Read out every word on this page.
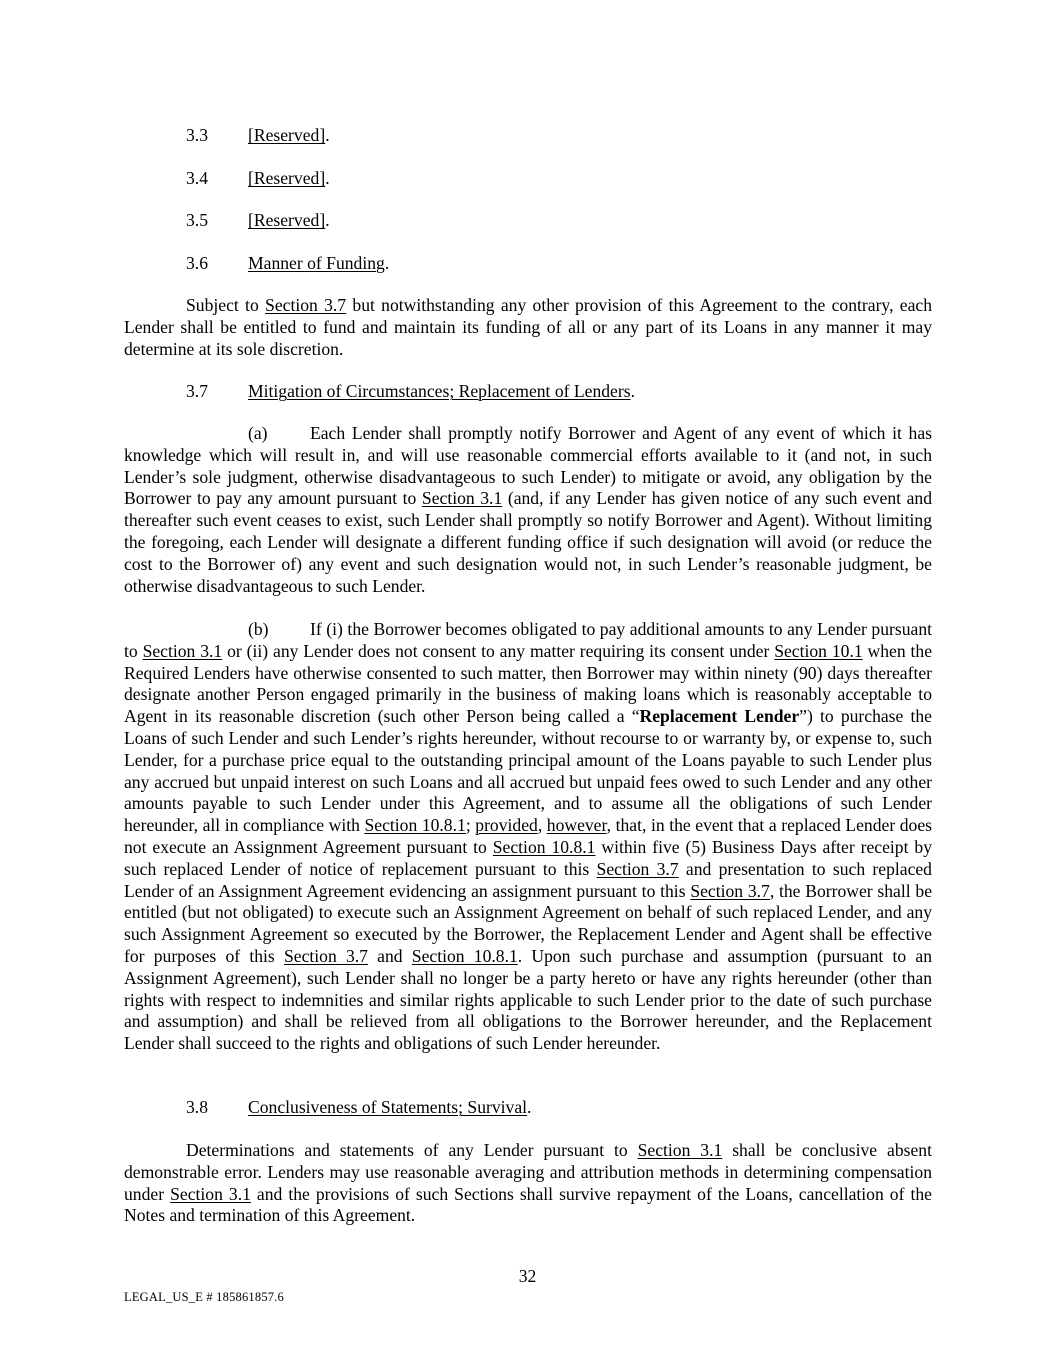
3.3 [Reserved].
3.4 [Reserved].
3.5 [Reserved].
3.6 Manner of Funding.

Subject to Section 3.7 but notwithstanding any other provision of this Agreement to the contrary, each Lender shall be entitled to fund and maintain its funding of all or any part of its Loans in any manner it may determine at its sole discretion.

3.7 Mitigation of Circumstances; Replacement of Lenders.

(a) Each Lender shall promptly notify Borrower and Agent of any event of which it has knowledge which will result in, and will use reasonable commercial efforts available to it (and not, in such Lender’s sole judgment, otherwise disadvantageous to such Lender) to mitigate or avoid, any obligation by the Borrower to pay any amount pursuant to Section 3.1 (and, if any Lender has given notice of any such event and thereafter such event ceases to exist, such Lender shall promptly so notify Borrower and Agent). Without limiting the foregoing, each Lender will designate a different funding office if such designation will avoid (or reduce the cost to the Borrower of) any event and such designation would not, in such Lender’s reasonable judgment, be otherwise disadvantageous to such Lender.

(b) If (i) the Borrower becomes obligated to pay additional amounts to any Lender pursuant to Section 3.1 or (ii) any Lender does not consent to any matter requiring its consent under Section 10.1 when the Required Lenders have otherwise consented to such matter, then Borrower may within ninety (90) days thereafter designate another Person engaged primarily in the business of making loans which is reasonably acceptable to Agent in its reasonable discretion (such other Person being called a “Replacement Lender”) to purchase the Loans of such Lender and such Lender’s rights hereunder, without recourse to or warranty by, or expense to, such Lender, for a purchase price equal to the outstanding principal amount of the Loans payable to such Lender plus any accrued but unpaid interest on such Loans and all accrued but unpaid fees owed to such Lender and any other amounts payable to such Lender under this Agreement, and to assume all the obligations of such Lender hereunder, all in compliance with Section 10.8.1; provided, however, that, in the event that a replaced Lender does not execute an Assignment Agreement pursuant to Section 10.8.1 within five (5) Business Days after receipt by such replaced Lender of notice of replacement pursuant to this Section 3.7 and presentation to such replaced Lender of an Assignment Agreement evidencing an assignment pursuant to this Section 3.7, the Borrower shall be entitled (but not obligated) to execute such an Assignment Agreement on behalf of such replaced Lender, and any such Assignment Agreement so executed by the Borrower, the Replacement Lender and Agent shall be effective for purposes of this Section 3.7 and Section 10.8.1. Upon such purchase and assumption (pursuant to an Assignment Agreement), such Lender shall no longer be a party hereto or have any rights hereunder (other than rights with respect to indemnities and similar rights applicable to such Lender prior to the date of such purchase and assumption) and shall be relieved from all obligations to the Borrower hereunder, and the Replacement Lender shall succeed to the rights and obligations of such Lender hereunder.

3.8 Conclusiveness of Statements; Survival.

Determinations and statements of any Lender pursuant to Section 3.1 shall be conclusive absent demonstrable error. Lenders may use reasonable averaging and attribution methods in determining compensation under Section 3.1 and the provisions of such Sections shall survive repayment of the Loans, cancellation of the Notes and termination of this Agreement.

32
LEGAL_US_E # 185861857.6
